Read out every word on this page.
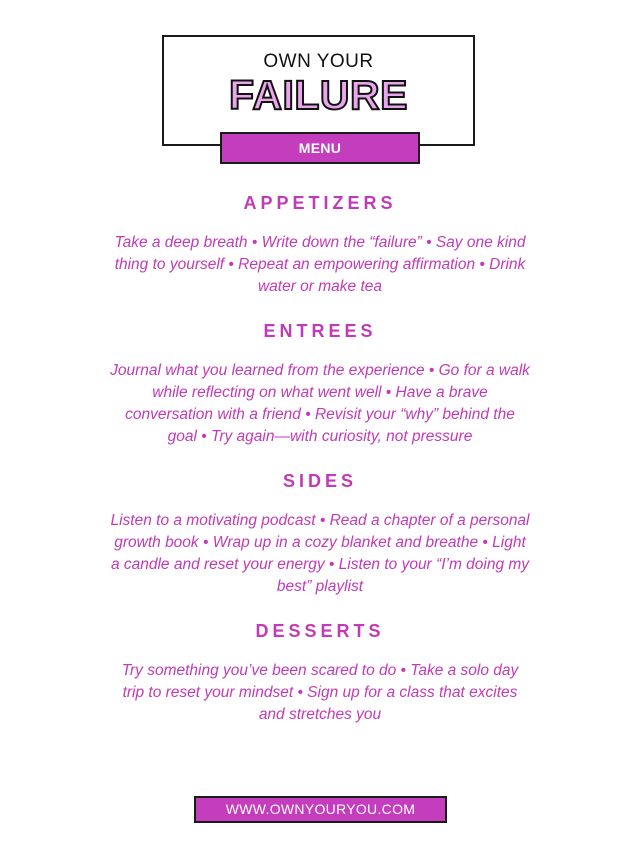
OWN YOUR
FAILURE
MENU
APPETIZERS

Take a deep breath • Write down the “failure” • Say one kind thing to yourself • Repeat an empowering affirmation • Drink water or make tea

ENTREES

Journal what you learned from the experience • Go for a walk while reflecting on what went well • Have a brave conversation with a friend • Revisit your “why” behind the goal • Try again—with curiosity, not pressure

SIDES

Listen to a motivating podcast • Read a chapter of a personal growth book • Wrap up in a cozy blanket and breathe • Light a candle and reset your energy • Listen to your “I’m doing my best” playlist

DESSERTS

Try something you’ve been scared to do • Take a solo day trip to reset your mindset • Sign up for a class that excites and stretches you

WWW.OWNYOURYOU.COM
